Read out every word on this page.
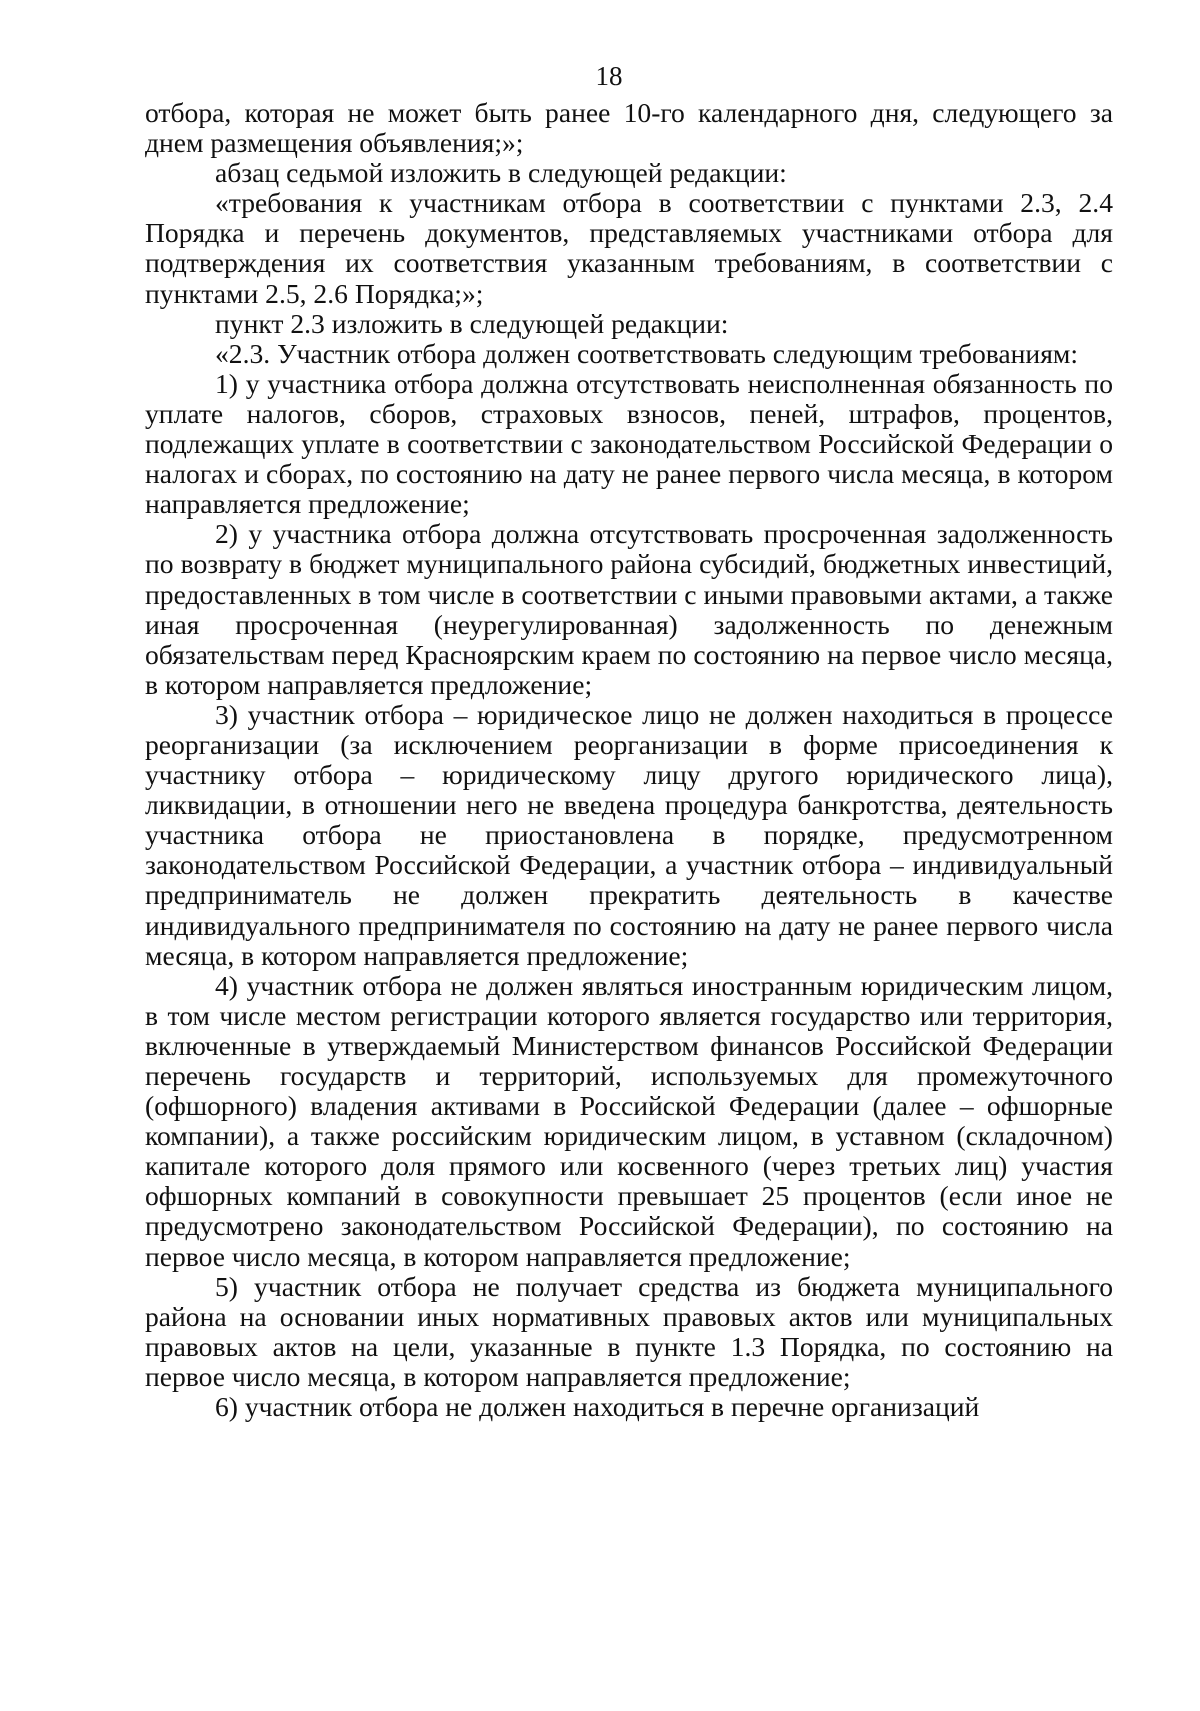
18

отбора, которая не может быть ранее 10-го календарного дня, следующего за днем размещения объявления;»;

абзац седьмой изложить в следующей редакции:

«требования к участникам отбора в соответствии с пунктами 2.3, 2.4 Порядка и перечень документов, представляемых участниками отбора для подтверждения их соответствия указанным требованиям, в соответствии с пунктами 2.5, 2.6 Порядка;»;

пункт 2.3 изложить в следующей редакции:

«2.3. Участник отбора должен соответствовать следующим требованиям:

1) у участника отбора должна отсутствовать неисполненная обязанность по уплате налогов, сборов, страховых взносов, пеней, штрафов, процентов, подлежащих уплате в соответствии с законодательством Российской Федерации о налогах и сборах, по состоянию на дату не ранее первого числа месяца, в котором направляется предложение;

2) у участника отбора должна отсутствовать просроченная задолженность по возврату в бюджет муниципального района субсидий, бюджетных инвестиций, предоставленных в том числе в соответствии с иными правовыми актами, а также иная просроченная (неурегулированная) задолженность по денежным обязательствам перед Красноярским краем по состоянию на первое число месяца, в котором направляется предложение;

3) участник отбора – юридическое лицо не должен находиться в процессе реорганизации (за исключением реорганизации в форме присоединения к участнику отбора – юридическому лицу другого юридического лица), ликвидации, в отношении него не введена процедура банкротства, деятельность участника отбора не приостановлена в порядке, предусмотренном законодательством Российской Федерации, а участник отбора – индивидуальный предприниматель не должен прекратить деятельность в качестве индивидуального предпринимателя по состоянию на дату не ранее первого числа месяца, в котором направляется предложение;

4) участник отбора не должен являться иностранным юридическим лицом, в том числе местом регистрации которого является государство или территория, включенные в утверждаемый Министерством финансов Российской Федерации перечень государств и территорий, используемых для промежуточного (офшорного) владения активами в Российской Федерации (далее – офшорные компании), а также российским юридическим лицом, в уставном (складочном) капитале которого доля прямого или косвенного (через третьих лиц) участия офшорных компаний в совокупности превышает 25 процентов (если иное не предусмотрено законодательством Российской Федерации), по состоянию на первое число месяца, в котором направляется предложение;

5) участник отбора не получает средства из бюджета муниципального района на основании иных нормативных правовых актов или муниципальных правовых актов на цели, указанные в пункте 1.3 Порядка, по состоянию на первое число месяца, в котором направляется предложение;

6) участник отбора не должен находиться в перечне организаций
